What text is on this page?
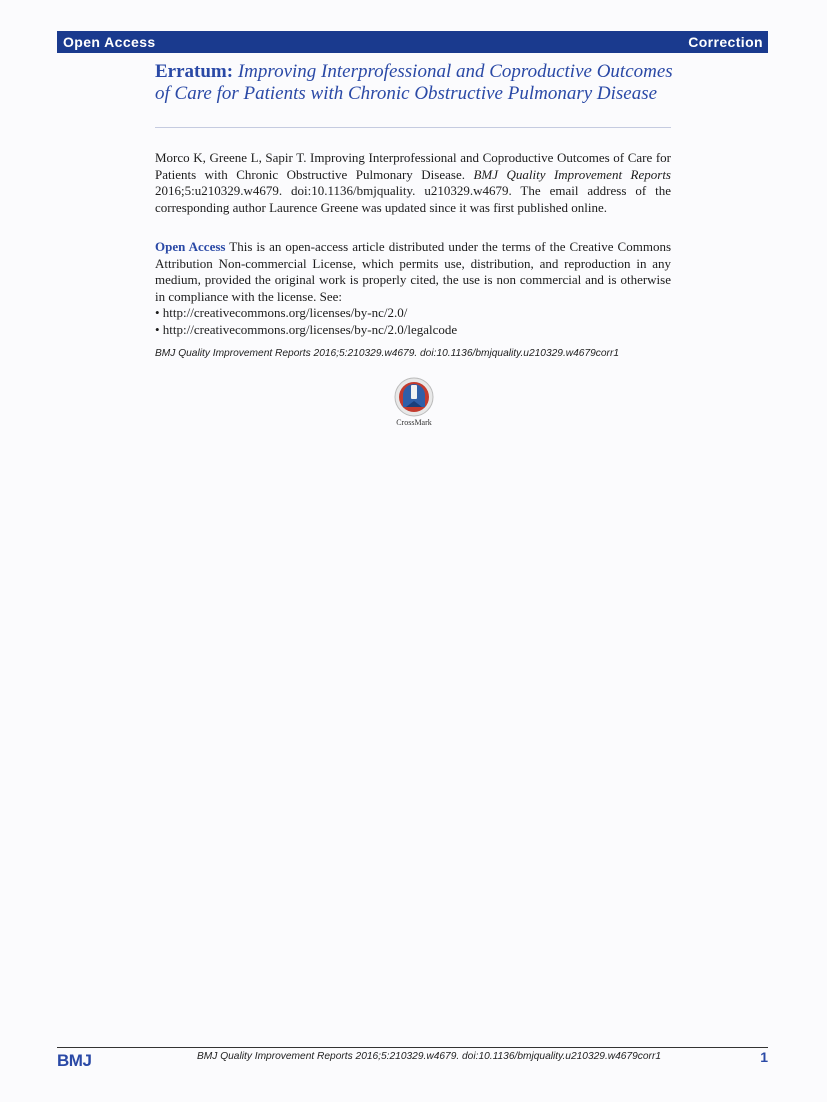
Open Access	Correction
Erratum: Improving Interprofessional and Coproductive Outcomes of Care for Patients with Chronic Obstructive Pulmonary Disease
Morco K, Greene L, Sapir T. Improving Interprofessional and Coproductive Outcomes of Care for Patients with Chronic Obstructive Pulmonary Disease. BMJ Quality Improvement Reports 2016;5:u210329.w4679. doi:10.1136/bmjquality. u210329.w4679. The email address of the corresponding author Laurence Greene was updated since it was first published online.
Open Access This is an open-access article distributed under the terms of the Creative Commons Attribution Non-commercial License, which permits use, distribution, and reproduction in any medium, provided the original work is properly cited, the use is non commercial and is otherwise in compliance with the license. See:
• http://creativecommons.org/licenses/by-nc/2.0/
• http://creativecommons.org/licenses/by-nc/2.0/legalcode
BMJ Quality Improvement Reports 2016;5:210329.w4679. doi:10.1136/bmjquality.u210329.w4679corr1
CrossMark
BMJ	BMJ Quality Improvement Reports 2016;5:210329.w4679. doi:10.1136/bmjquality.u210329.w4679corr1	1
